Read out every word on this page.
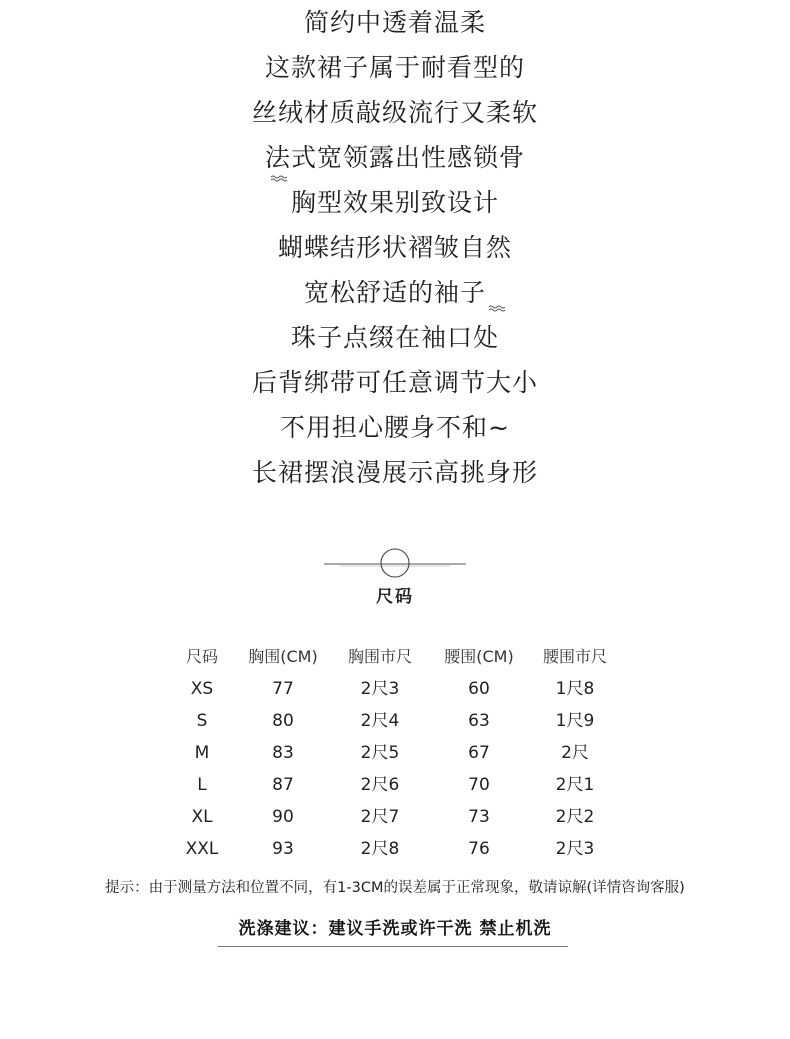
简约中透着温柔
这款裙子属于耐看型的
丝绒材质敲级流行又柔软
法式宽领露出性感锁骨
胸型效果别致设计
蝴蝶结形状褶皱自然
宽松舒适的袖子
珠子点缀在袖口处
后背绑带可任意调节大小
不用担心腰身不和~
长裙摆浪漫展示高挑身形
尺码
尺码	胸围(CM)	胸围市尺	腰围(CM)	腰围市尺
XS	77	2尺3	60	1尺8
S	80	2尺4	63	1尺9
M	83	2尺5	67	2尺
L	87	2尺6	70	2尺1
XL	90	2尺7	73	2尺2
XXL	93	2尺8	76	2尺3
提示：由于测量方法和位置不同，有1-3CM的误差属于正常现象，敬请谅解(详情咨询客服)
洗涤建议：建议手洗或许干洗 禁止机洗
